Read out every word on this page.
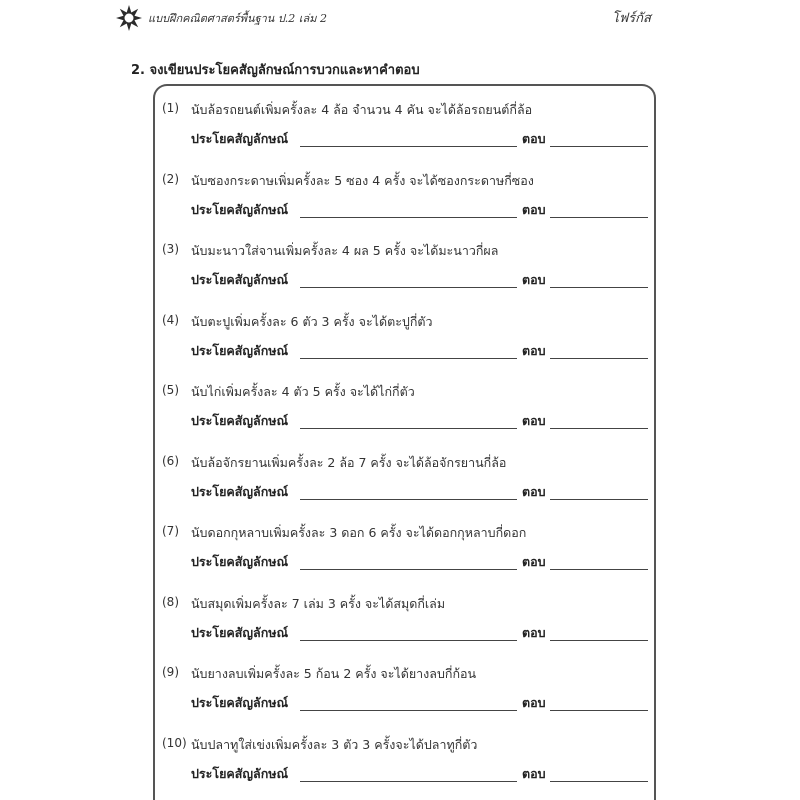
แบบฝึกคณิตศาสตร์พื้นฐาน ป.2 เล่ม 2	โฟร์กัส
2. จงเขียนประโยคสัญลักษณ์การบวกและหาคำตอบ
(1) นับล้อรถยนต์เพิ่มครั้งละ 4 ล้อ จำนวน 4 คัน จะได้ล้อรถยนต์กี่ล้อ
ประโยคสัญลักษณ์	ตอบ
(2) นับซองกระดาษเพิ่มครั้งละ 5 ซอง 4 ครั้ง จะได้ซองกระดาษกี่ซอง
ประโยคสัญลักษณ์	ตอบ
(3) นับมะนาวใส่จานเพิ่มครั้งละ 4 ผล 5 ครั้ง จะได้มะนาวกี่ผล
ประโยคสัญลักษณ์	ตอบ
(4) นับตะปูเพิ่มครั้งละ 6 ตัว 3 ครั้ง จะได้ตะปูกี่ตัว
ประโยคสัญลักษณ์	ตอบ
(5) นับไก่เพิ่มครั้งละ 4 ตัว 5 ครั้ง จะได้ไก่กี่ตัว
ประโยคสัญลักษณ์	ตอบ
(6) นับล้อจักรยานเพิ่มครั้งละ 2 ล้อ 7 ครั้ง จะได้ล้อจักรยานกี่ล้อ
ประโยคสัญลักษณ์	ตอบ
(7) นับดอกกุหลาบเพิ่มครั้งละ 3 ดอก 6 ครั้ง จะได้ดอกกุหลาบกี่ดอก
ประโยคสัญลักษณ์	ตอบ
(8) นับสมุดเพิ่มครั้งละ 7 เล่ม 3 ครั้ง จะได้สมุดกี่เล่ม
ประโยคสัญลักษณ์	ตอบ
(9) นับยางลบเพิ่มครั้งละ 5 ก้อน 2 ครั้ง จะได้ยางลบกี่ก้อน
ประโยคสัญลักษณ์	ตอบ
(10) นับปลาทูใส่เข่งเพิ่มครั้งละ 3 ตัว 3 ครั้งจะได้ปลาทูกี่ตัว
ประโยคสัญลักษณ์	ตอบ
